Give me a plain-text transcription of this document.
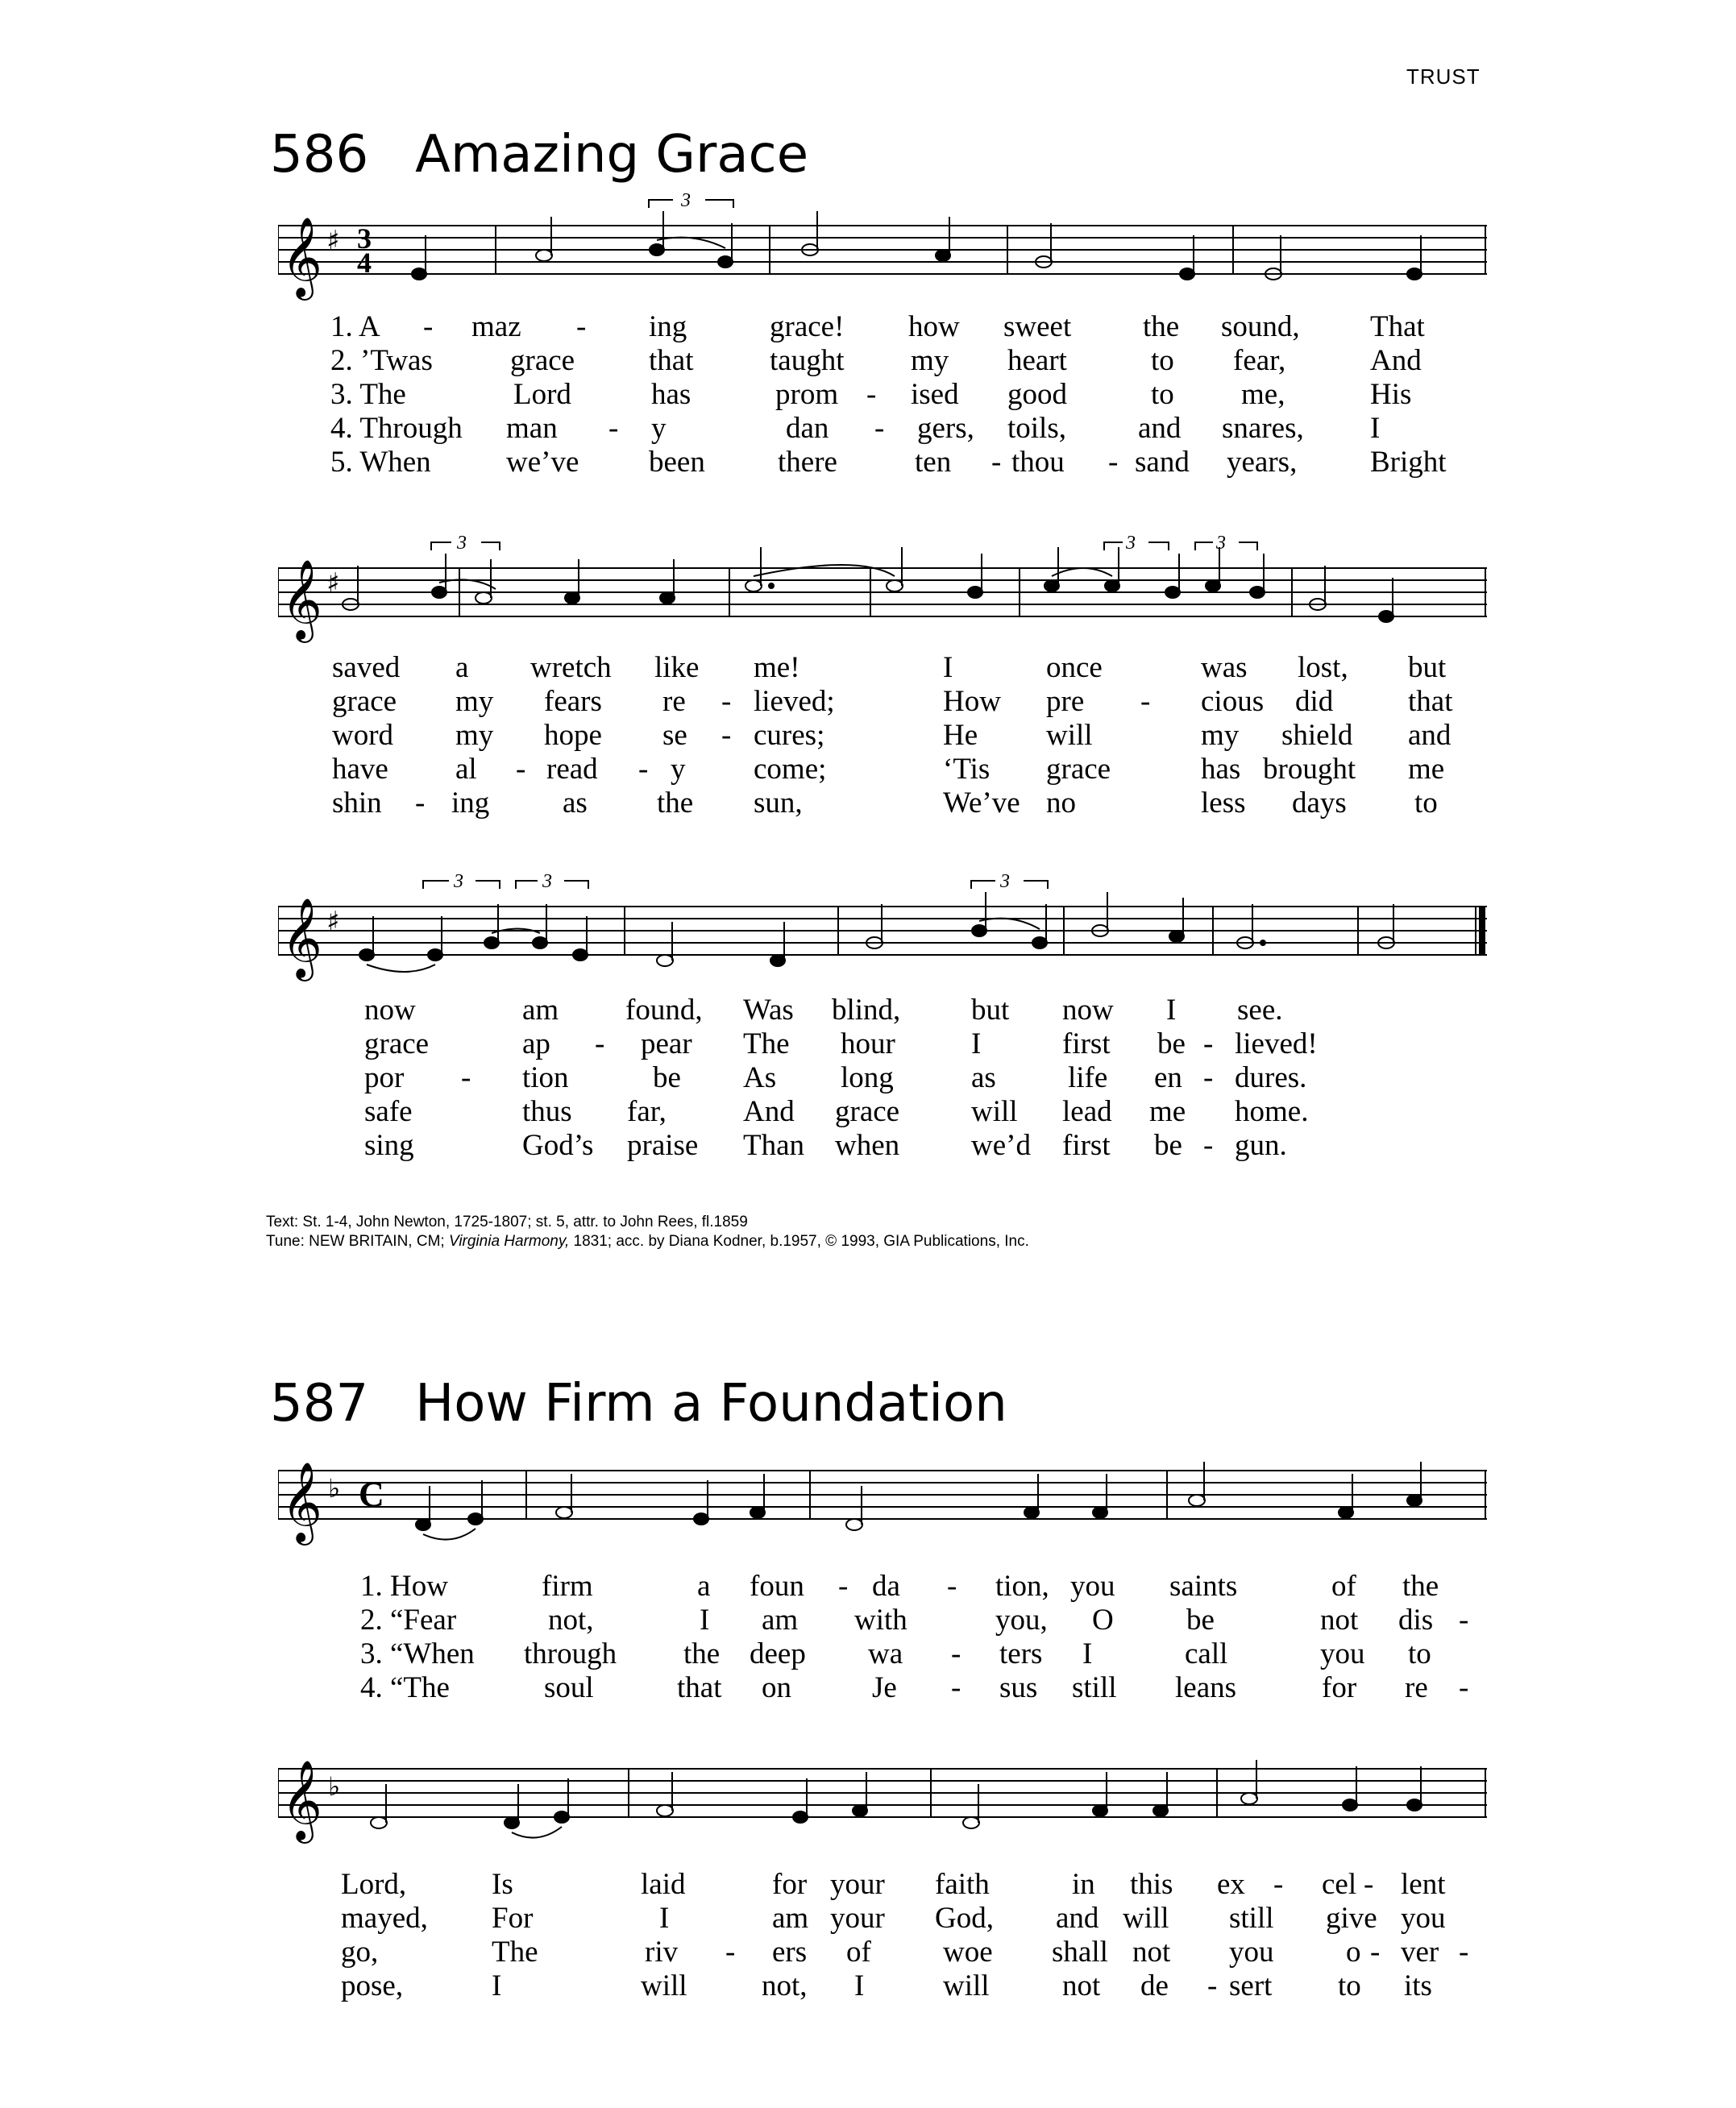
TRUST
586 Amazing Grace
𝄞 ♯ 3
4
3
1. A - maz - ing	grace! how sweet the sound, That
2. ’Twas	grace that	taught my heart	to fear,	And
3. The	Lord	has	prom - ised good	to me,	His
4. Through man - y	dan - gers, toils, and snares, I
5. When	we’ve been there	ten - thou - sand years, Bright
𝄞 ♯
3	3	3
saved a wretch like me!	I	once	was lost, but
grace my fears re - lieved;	How pre - cious did	that
word my hope se - cures;	He will	my shield and
have al - read - y come;	‘Tis grace	has brought me
shin - ing as the sun,	We’ve no	less days to
𝄞 ♯
3	3	3
now	am found, Was blind, but now I see.
grace	ap - pear The hour	I	first be - lieved!
por - tion	be As long	as life en - dures.
safe	thus far,	And grace will lead me home.
sing	God’s praise Than when we’d first be - gun.
Text: St. 1-4, John Newton, 1725-1807; st. 5, attr. to John Rees, fl.1859
Tune: NEW BRITAIN, CM; Virginia Harmony, 1831; acc. by Diana Kodner, b.1957, © 1993, GIA Publications, Inc.
587 How Firm a Foundation
𝄞 ♭ C
1. How	firm	a foun - da - tion, you saints	of the
2. “Fear	not,	I am with	you, O be	not dis -
3. “When through the deep wa - ters I	call	you to
4. “The	soul	that on	Je - sus still leans	for re -
𝄞 ♭
Lord,	Is	laid	for your faith	in this ex - cel - lent
mayed, For	I	am your God, and will still give you
go,	The	riv - ers of woe shall not you o - ver -
pose,	I	will not, I	will not de - sert to its
